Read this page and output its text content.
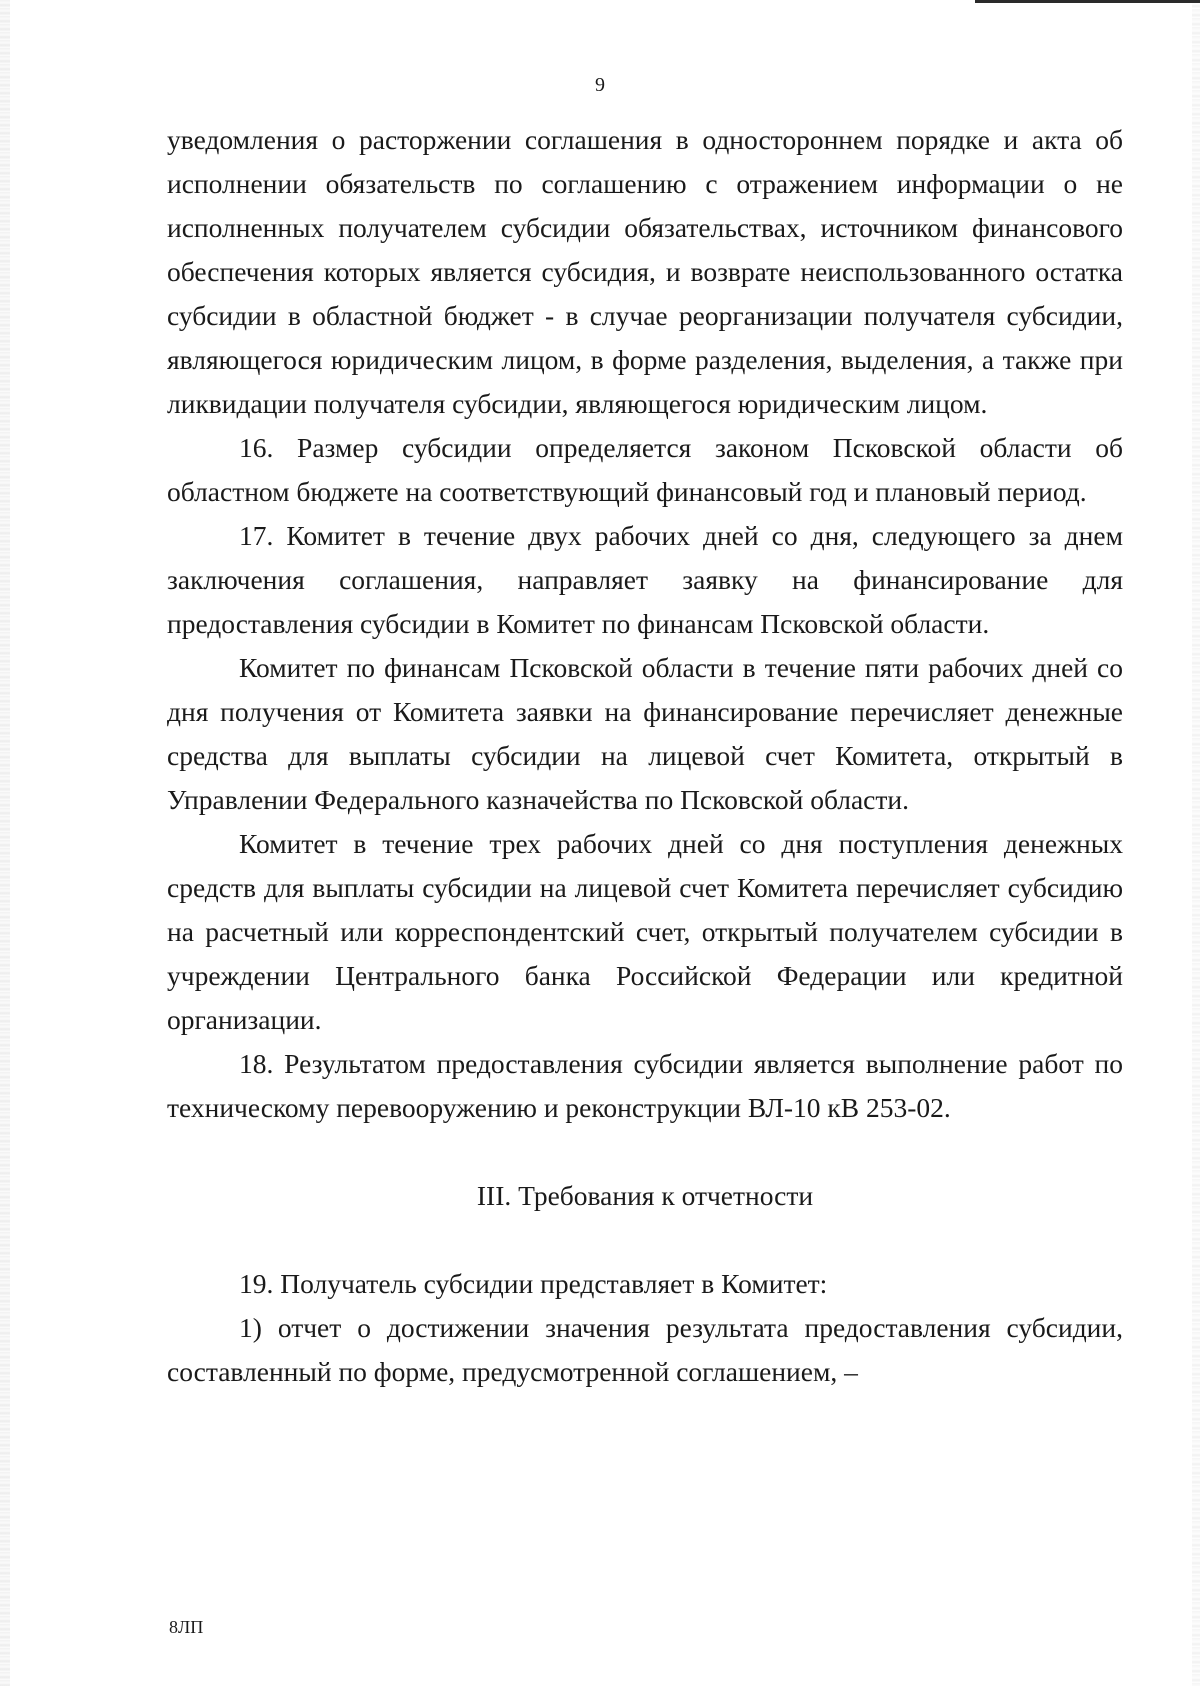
9

уведомления о расторжении соглашения в одностороннем порядке и акта об исполнении обязательств по соглашению с отражением информации о не исполненных получателем субсидии обязательствах, источником финансового обеспечения которых является субсидия, и возврате неиспользованного остатка субсидии в областной бюджет - в случае реорганизации получателя субсидии, являющегося юридическим лицом, в форме разделения, выделения, а также при ликвидации получателя субсидии, являющегося юридическим лицом.

16. Размер субсидии определяется законом Псковской области об областном бюджете на соответствующий финансовый год и плановый период.

17. Комитет в течение двух рабочих дней со дня, следующего за днем заключения соглашения, направляет заявку на финансирование для предоставления субсидии в Комитет по финансам Псковской области.

Комитет по финансам Псковской области в течение пяти рабочих дней со дня получения от Комитета заявки на финансирование перечисляет денежные средства для выплаты субсидии на лицевой счет Комитета, открытый в Управлении Федерального казначейства по Псковской области.

Комитет в течение трех рабочих дней со дня поступления денежных средств для выплаты субсидии на лицевой счет Комитета перечисляет субсидию на расчетный или корреспондентский счет, открытый получателем субсидии в учреждении Центрального банка Российской Федерации или кредитной организации.

18. Результатом предоставления субсидии является выполнение работ по техническому перевооружению и реконструкции ВЛ-10 кВ 253-02.

III. Требования к отчетности

19. Получатель субсидии представляет в Комитет:

1) отчет о достижении значения результата предоставления субсидии, составленный по форме, предусмотренной соглашением, –

8ЛП
